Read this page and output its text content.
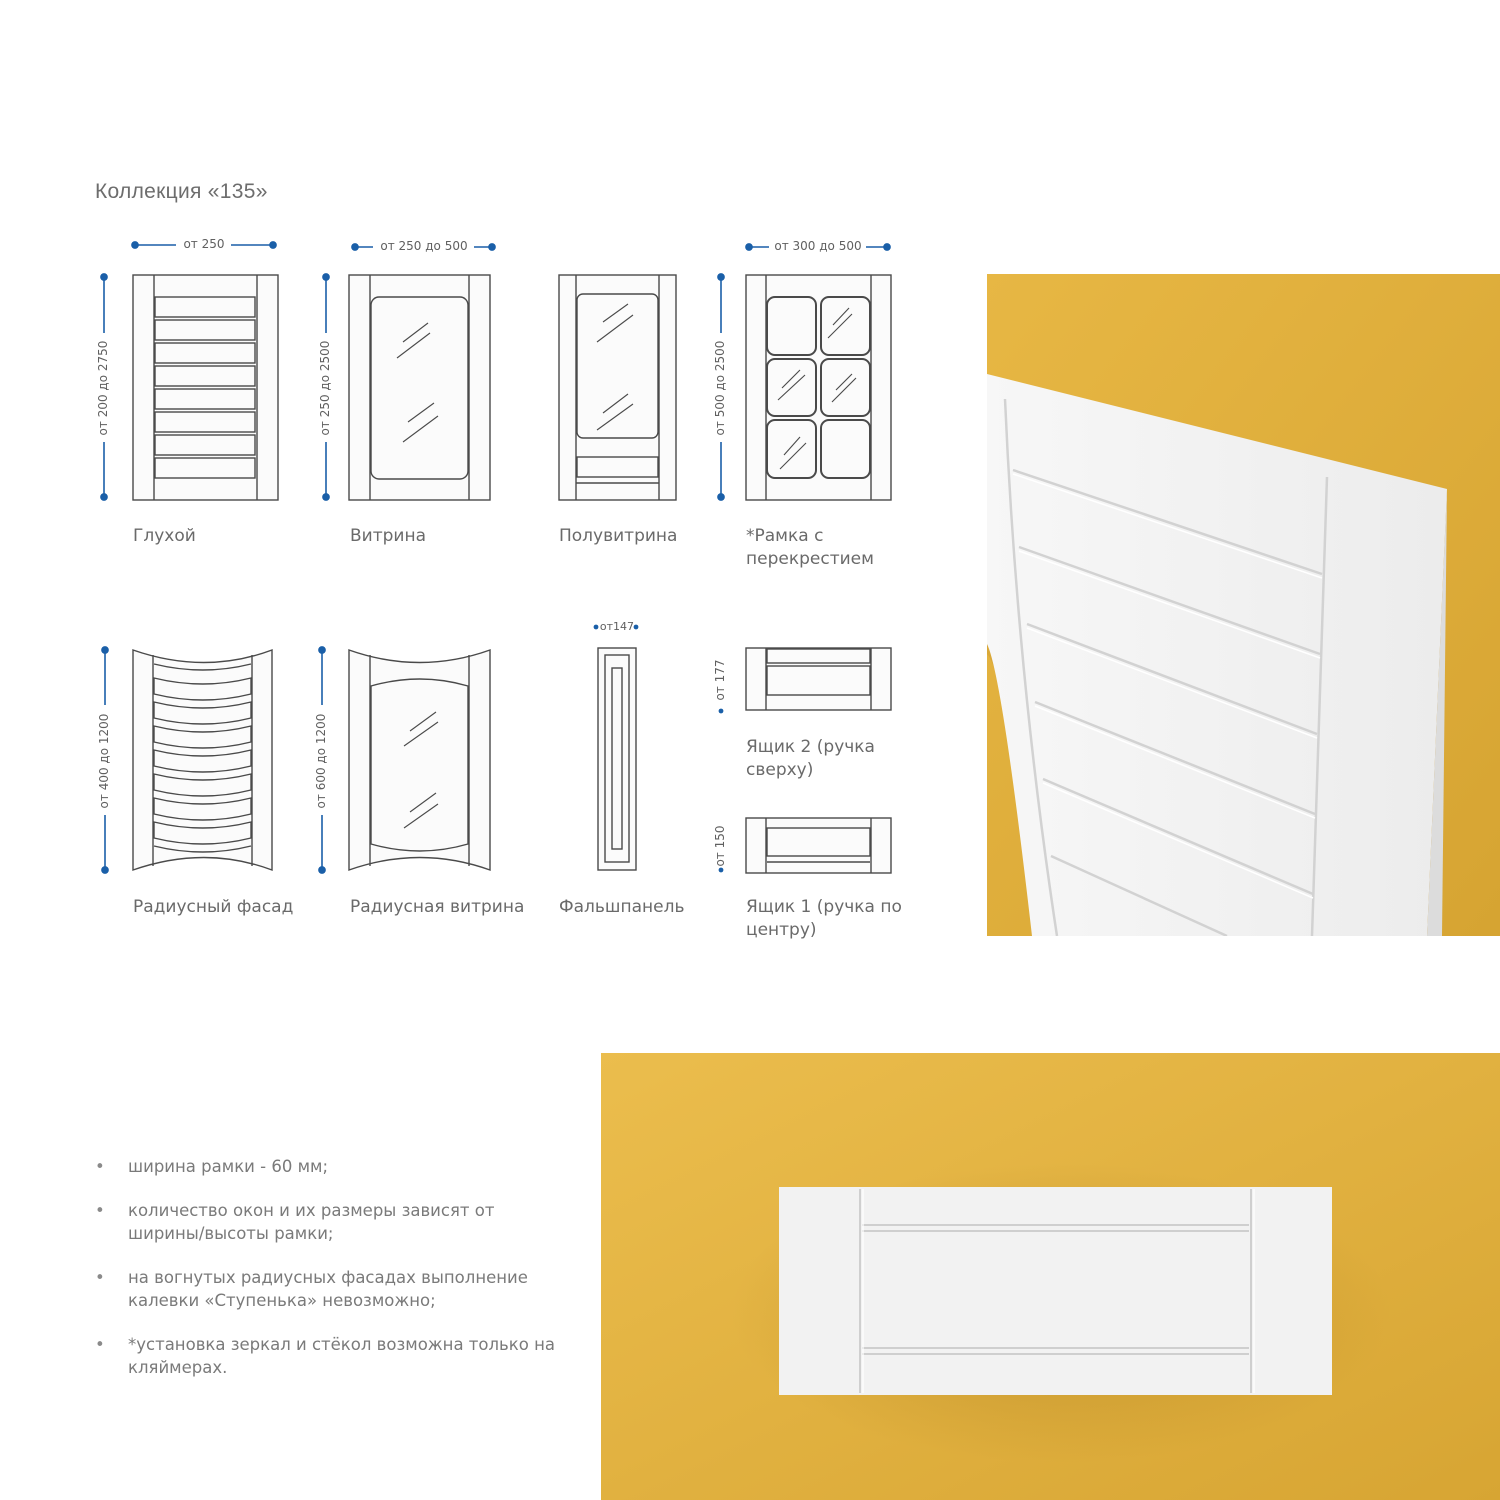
Коллекция «135»
от 250	от 250 до 500	от 300 до 500
от147
от 200 до 2750	от 250 до 2500	от 500 до 2500
от 400 до 1200	от 600 до 1200
от 177
от 150
Глухой	Витрина	Полувитрина	*Рамка с перекрестием
Радиусный фасад	Радиусная витрина	Фальшпанель
Ящик 2 (ручка сверху)
Ящик 1 (ручка по центру)
• ширина рамки - 60 мм;
• количество окон и их размеры зависят от ширины/высоты рамки;
• на вогнутых радиусных фасадах выполнение калевки «Ступенька» невозможно;
• *установка зеркал и стёкол возможна только на кляймерах.
